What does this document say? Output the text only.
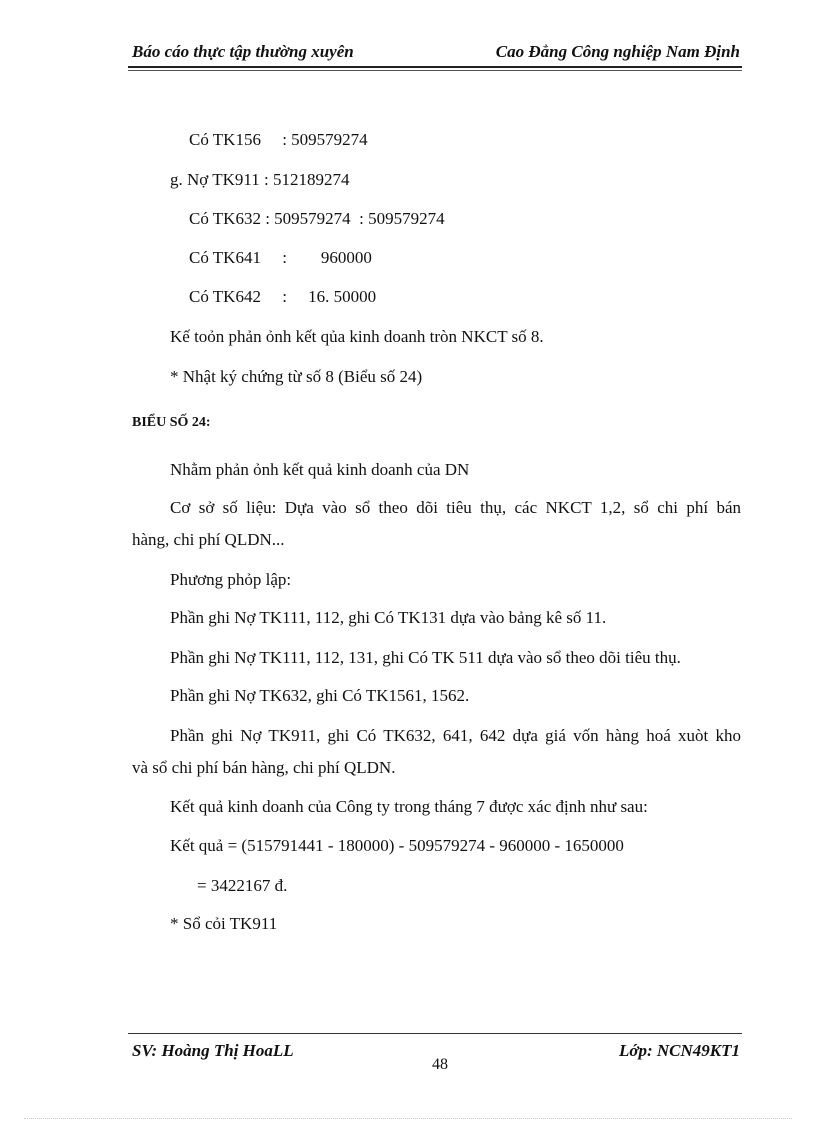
Báo cáo thực tập thường xuyên	Cao Đẳng Công nghiệp Nam Định
Có TK156     : 509579274
g. Nợ TK911 : 512189274
Có TK632 : 509579274  : 509579274
Có TK641     :        960000
Có TK642     :     16. 50000
Kế toỏn phản ỏnh kết qủa kinh doanh tròn NKCT số 8.
* Nhật ký chứng từ số 8 (Biểu số 24)
BIỂU SỐ 24:
Nhằm phản ỏnh kết quả kinh doanh của DN
Cơ sở số liệu: Dựa vào sổ theo dõi tiêu thụ, các NKCT 1,2, sổ chi phí bán
hàng, chi phí QLDN...
Phương phỏp lập:
Phần ghi Nợ TK111, 112, ghi Có TK131 dựa vào bảng kê số 11.
Phần ghi Nợ TK111, 112, 131, ghi Có TK 511 dựa vào sổ theo dõi tiêu thụ.
Phần ghi Nợ TK632, ghi Có TK1561, 1562.
Phần ghi Nợ TK911, ghi Có TK632, 641, 642 dựa giá vốn hàng hoá xuòt kho
và sổ chi phí bán hàng, chi phí QLDN.
Kết quả kinh doanh của Công ty trong tháng 7 được xác định như sau:
Kết quả = (515791441 - 180000) - 509579274 - 960000 - 1650000
= 3422167 đ.
* Sổ cỏi TK911
SV: Hoàng Thị HoaLL	Lớp: NCN49KT1
48
